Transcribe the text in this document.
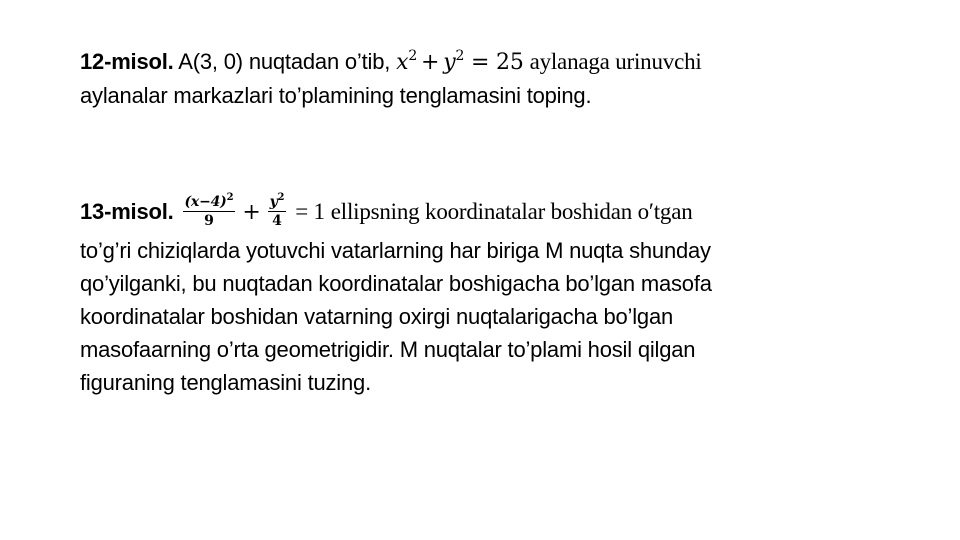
12-misol. A(3, 0) nuqtadan o’tib, $x^2 + y^2 = 25$ aylanaga urinuvchi
aylanalar markazlari to’plamining tenglamasini toping.
13-misol. $\frac{(x-4)^2}{9} + \frac{y^2}{4} = 1$ ellipsning koordinatalar boshidan o′tgan
to’g’ri chiziqlarda yotuvchi vatarlarning har biriga M nuqta shunday
qo’yilganki, bu nuqtadan koordinatalar boshigacha bo’lgan masofa
koordinatalar boshidan vatarning oxirgi nuqtalarigacha bo’lgan
masofaarning o’rta geometrigidir. M nuqtalar to’plami hosil qilgan
figuraning tenglamasini tuzing.
